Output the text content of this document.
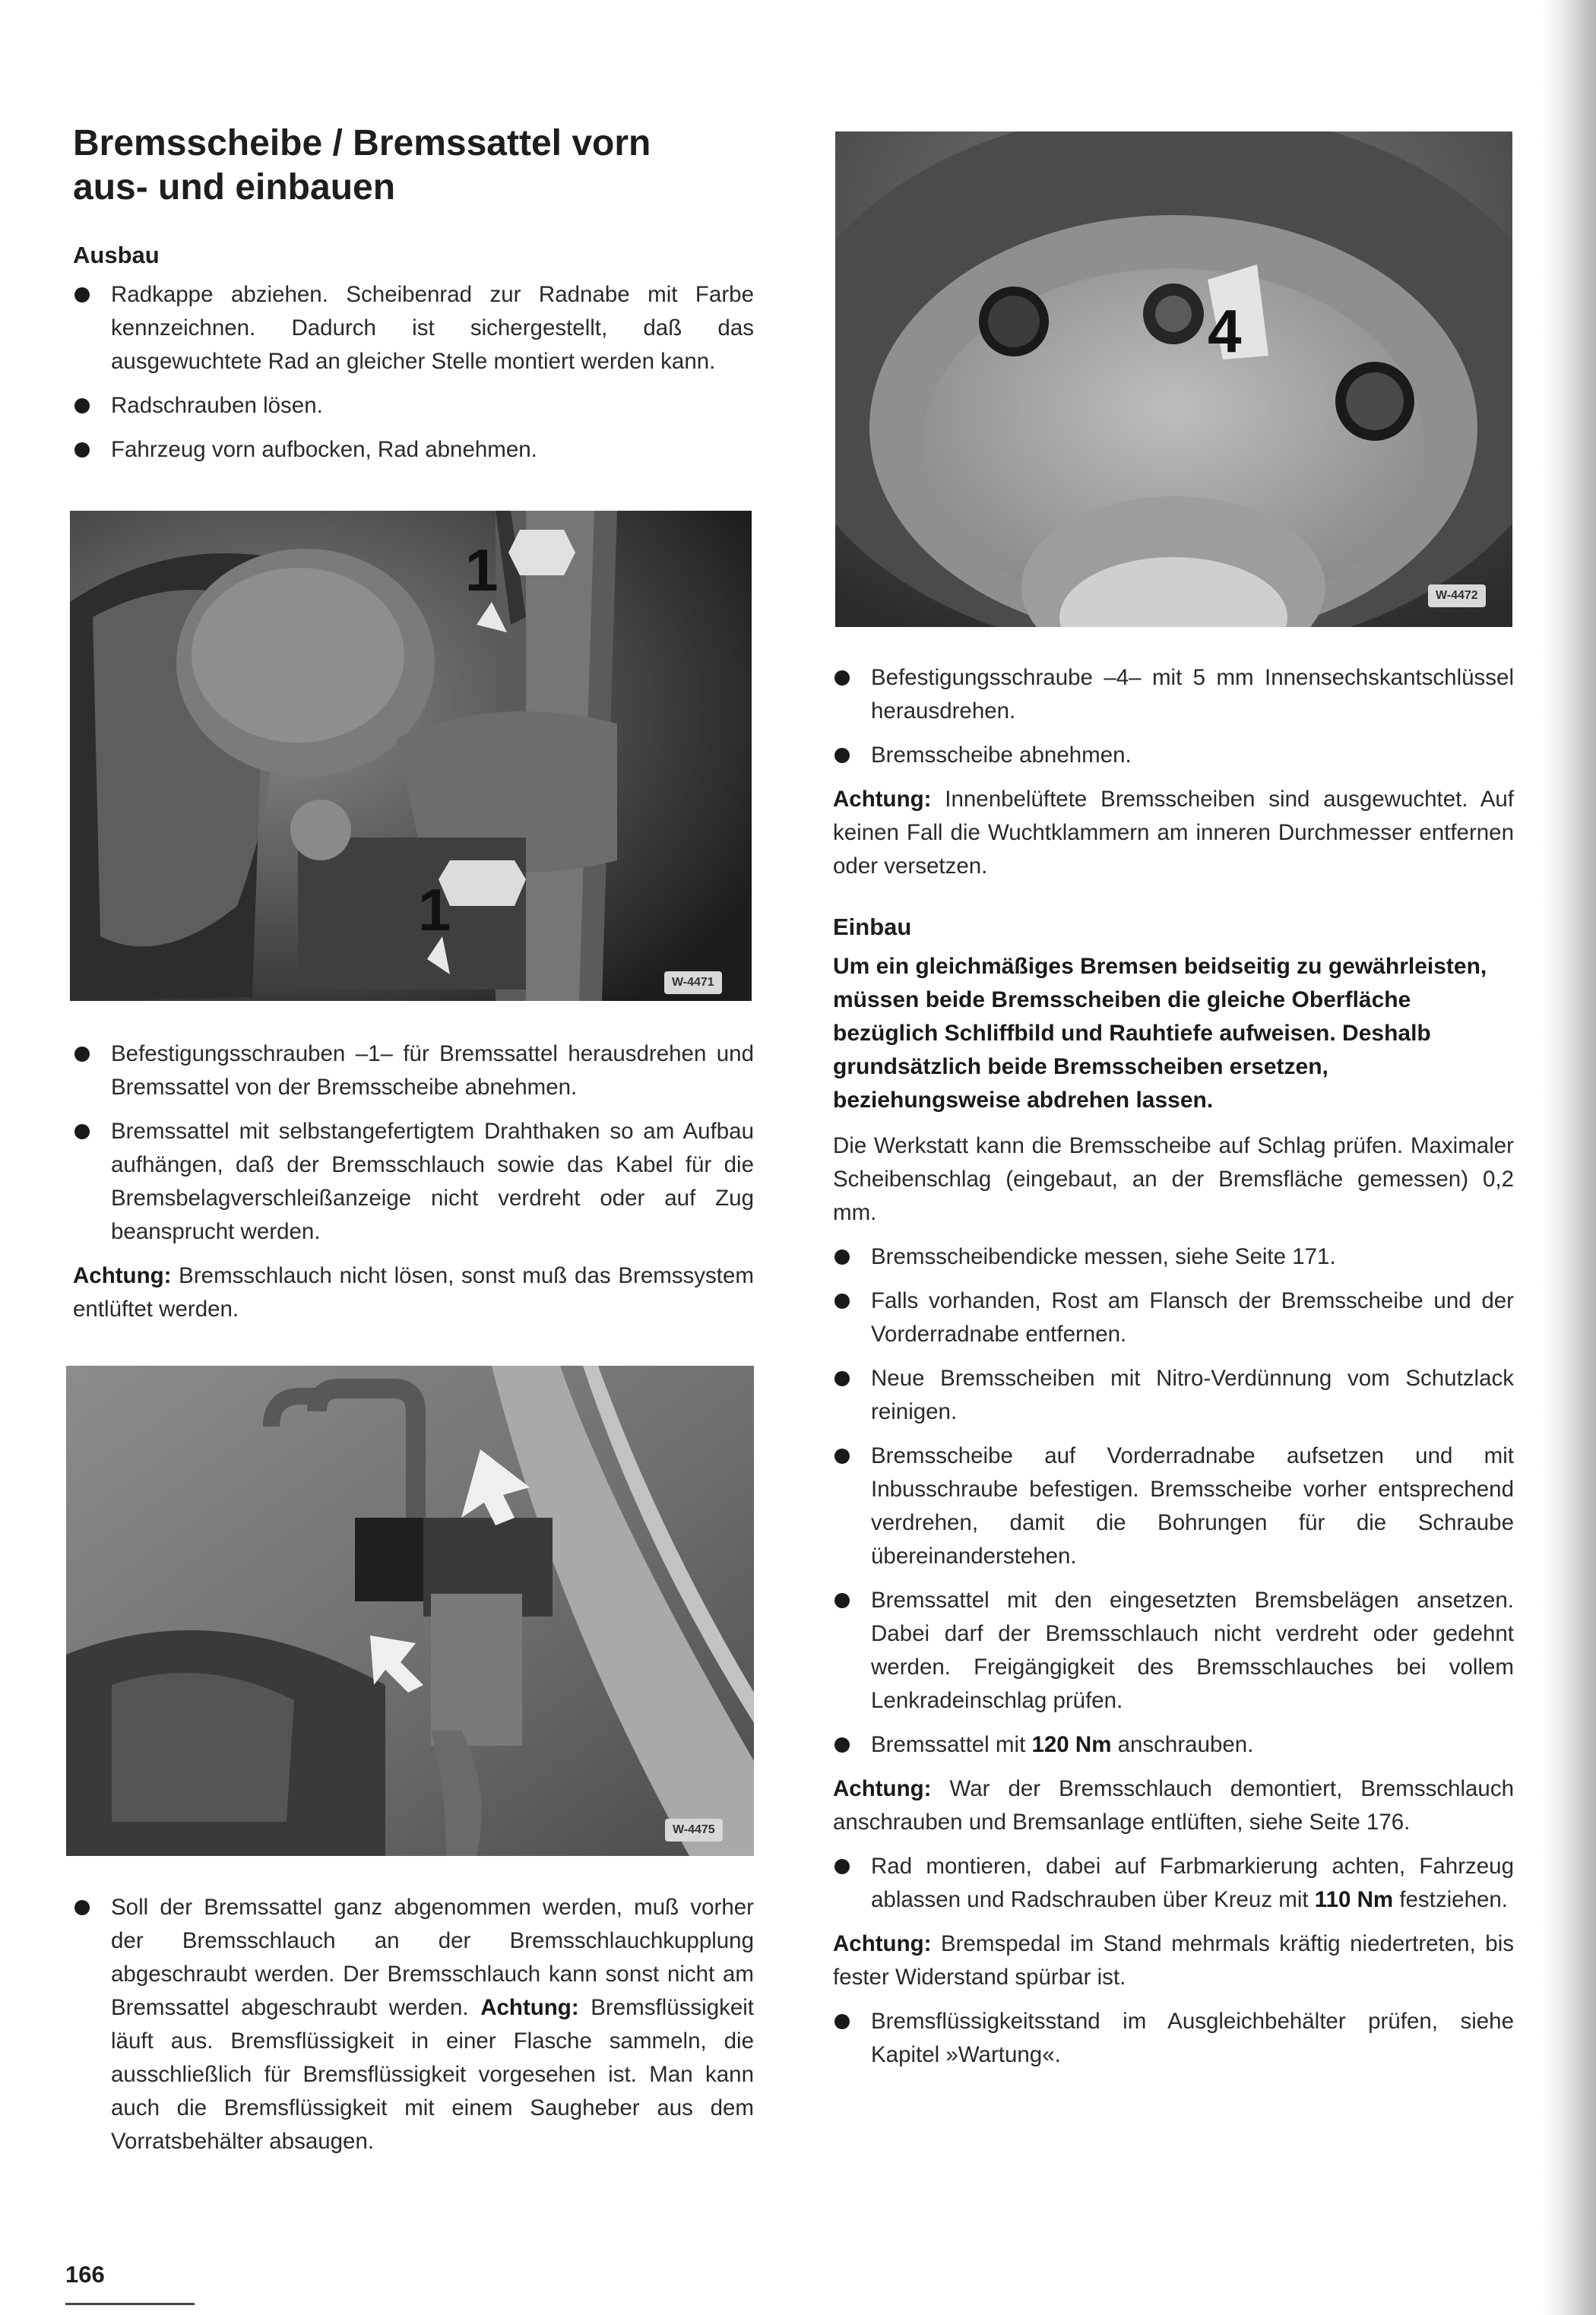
Bremsscheibe / Bremssattel vorn
aus- und einbauen
Ausbau
Radkappe abziehen. Scheibenrad zur Radnabe mit Farbe kennzeichnen. Dadurch ist sichergestellt, daß das ausgewuchtete Rad an gleicher Stelle montiert werden kann.
Radschrauben lösen.
Fahrzeug vorn aufbocken, Rad abnehmen.
1
1
W-4471
Befestigungsschrauben –1– für Bremssattel herausdrehen und Bremssattel von der Bremsscheibe abnehmen.
Bremssattel mit selbstangefertigtem Drahthaken so am Aufbau aufhängen, daß der Bremsschlauch sowie das Kabel für die Bremsbelagverschleißanzeige nicht verdreht oder auf Zug beansprucht werden.

Achtung: Bremsschlauch nicht lösen, sonst muß das Bremssystem entlüftet werden.

W-4475
Soll der Bremssattel ganz abgenommen werden, muß vorher der Bremsschlauch an der Bremsschlauchkupplung abgeschraubt werden. Der Bremsschlauch kann sonst nicht am Bremssattel abgeschraubt werden. Achtung: Bremsflüssigkeit läuft aus. Bremsflüssigkeit in einer Flasche sammeln, die ausschließlich für Bremsflüssigkeit vorgesehen ist. Man kann auch die Bremsflüssigkeit mit einem Saugheber aus dem Vorratsbehälter absaugen.
4
W-4472
Befestigungsschraube –4– mit 5 mm Innensechskantschlüssel herausdrehen.
Bremsscheibe abnehmen.

Achtung: Innenbelüftete Bremsscheiben sind ausgewuchtet. Auf keinen Fall die Wuchtklammern am inneren Durchmesser entfernen oder versetzen.

Einbau

Um ein gleichmäßiges Bremsen beidseitig zu gewährleisten, müssen beide Bremsscheiben die gleiche Oberfläche bezüglich Schliffbild und Rauhtiefe aufweisen. Deshalb grundsätzlich beide Bremsscheiben ersetzen, beziehungsweise abdrehen lassen.

Die Werkstatt kann die Bremsscheibe auf Schlag prüfen. Maximaler Scheibenschlag (eingebaut, an der Bremsfläche gemessen) 0,2 mm.

Bremsscheibendicke messen, siehe Seite 171.
Falls vorhanden, Rost am Flansch der Bremsscheibe und der Vorderradnabe entfernen.
Neue Bremsscheiben mit Nitro-Verdünnung vom Schutzlack reinigen.
Bremsscheibe auf Vorderradnabe aufsetzen und mit Inbusschraube befestigen. Bremsscheibe vorher entsprechend verdrehen, damit die Bohrungen für die Schraube übereinanderstehen.
Bremssattel mit den eingesetzten Bremsbelägen ansetzen. Dabei darf der Bremsschlauch nicht verdreht oder gedehnt werden. Freigängigkeit des Bremsschlauches bei vollem Lenkradeinschlag prüfen.
Bremssattel mit 120 Nm anschrauben.

Achtung: War der Bremsschlauch demontiert, Bremsschlauch anschrauben und Bremsanlage entlüften, siehe Seite 176.

Rad montieren, dabei auf Farbmarkierung achten, Fahrzeug ablassen und Radschrauben über Kreuz mit 110 Nm festziehen.

Achtung: Bremspedal im Stand mehrmals kräftig niedertreten, bis fester Widerstand spürbar ist.

Bremsflüssigkeitsstand im Ausgleichbehälter prüfen, siehe Kapitel »Wartung«.
166
